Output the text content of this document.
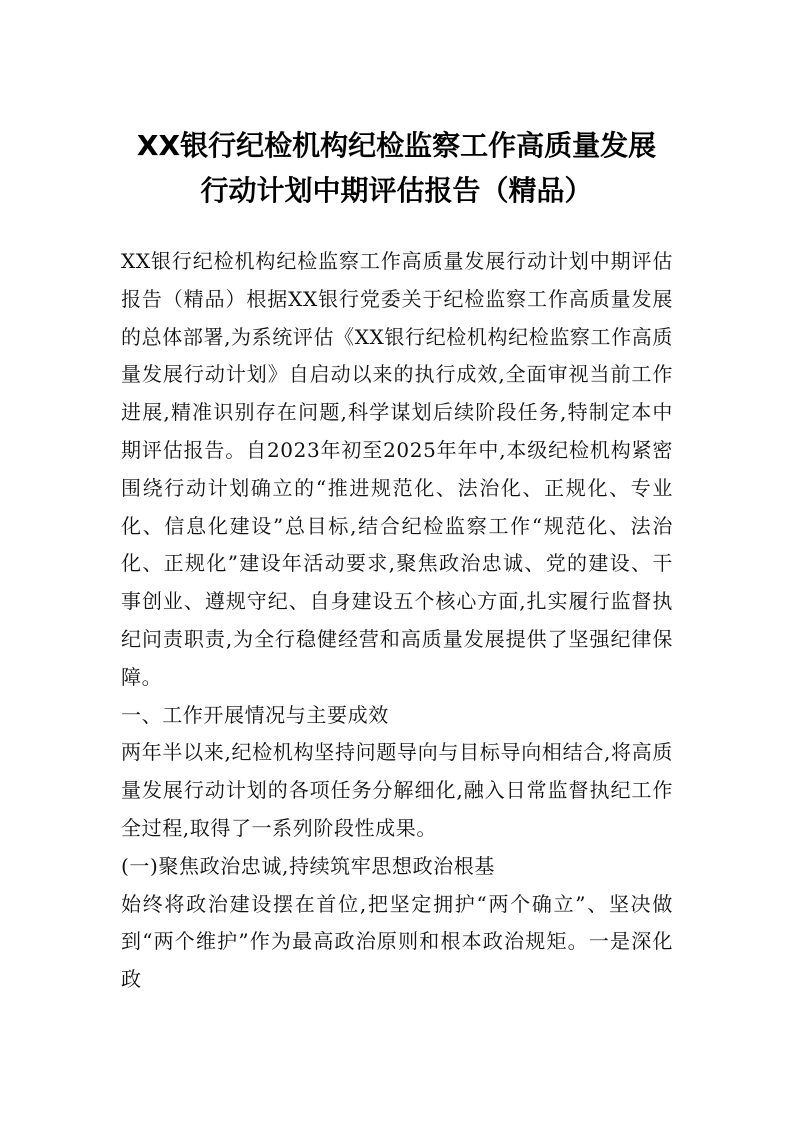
XX银行纪检机构纪检监察工作高质量发展
行动计划中期评估报告（精品）

XX银行纪检机构纪检监察工作高质量发展行动计划中期评估报告（精品）根据XX银行党委关于纪检监察工作高质量发展的总体部署,为系统评估《XX银行纪检机构纪检监察工作高质量发展行动计划》自启动以来的执行成效,全面审视当前工作进展,精准识别存在问题,科学谋划后续阶段任务,特制定本中期评估报告。自2023年初至2025年年中,本级纪检机构紧密围绕行动计划确立的“推进规范化、法治化、正规化、专业化、信息化建设”总目标,结合纪检监察工作“规范化、法治化、正规化”建设年活动要求,聚焦政治忠诚、党的建设、干事创业、遵规守纪、自身建设五个核心方面,扎实履行监督执纪问责职责,为全行稳健经营和高质量发展提供了坚强纪律保障。

一、工作开展情况与主要成效

两年半以来,纪检机构坚持问题导向与目标导向相结合,将高质量发展行动计划的各项任务分解细化,融入日常监督执纪工作全过程,取得了一系列阶段性成果。

(一)聚焦政治忠诚,持续筑牢思想政治根基

始终将政治建设摆在首位,把坚定拥护“两个确立”、坚决做到“两个维护”作为最高政治原则和根本政治规矩。一是深化政
